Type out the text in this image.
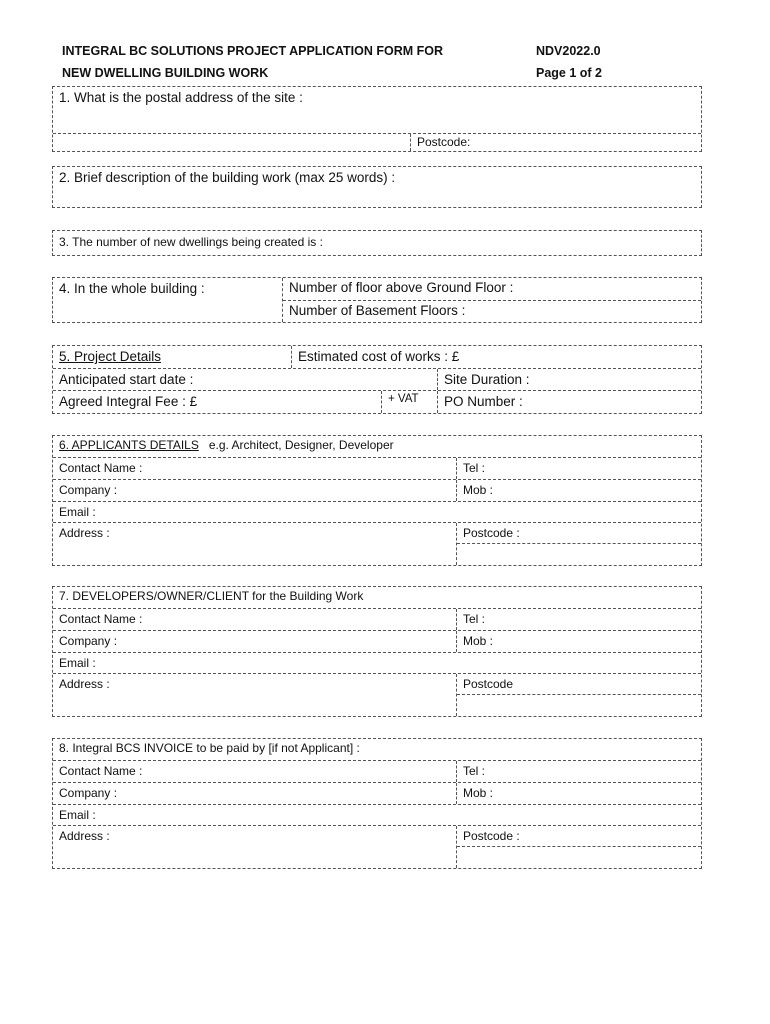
INTEGRAL BC SOLUTIONS PROJECT APPLICATION FORM FOR
NEW DWELLING BUILDING WORK
NDV2022.0
Page 1 of 2
1. What is the postal address of the site :
Postcode:
2. Brief description of the building work (max 25 words) :
3. The number of new dwellings being created is :
4. In the whole building :	Number of floor above Ground Floor :
Number of Basement Floors :
5. Project Details	Estimated cost of works : £
Anticipated start date :	Site Duration :
Agreed Integral Fee : £	+ VAT	PO Number :
6. APPLICANTS DETAILS e.g. Architect, Designer, Developer
Contact Name :	Tel :
Company :	Mob :
Email :
Address :	Postcode :
7. DEVELOPERS/OWNER/CLIENT for the Building Work
Contact Name :	Tel :
Company :	Mob :
Email :
Address :	Postcode
8. Integral BCS INVOICE to be paid by [if not Applicant] :
Contact Name :	Tel :
Company :	Mob :
Email :
Address :	Postcode :
